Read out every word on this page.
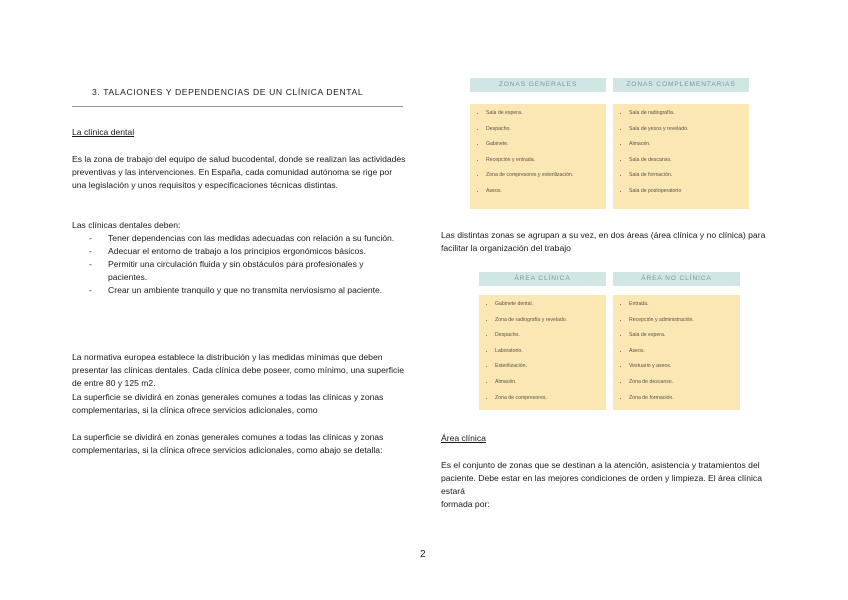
3. TALACIONES Y DEPENDENCIAS DE UN CLÍNICA DENTAL
La clínica dental
Es la zona de trabajo del equipo de salud bucodental, donde se realizan las actividades preventivas y las intervenciones. En España, cada comunidad autónoma se rige por una legislación y unos requisitos y especificaciones técnicas distintas.
Las clínicas dentales deben:
- Tener dependencias con las medidas adecuadas con relación a su función.
- Adecuar el entorno de trabajo a los principios ergonómicos básicos.
- Permitir una circulación fluida y sin obstáculos para profesionales y pacientes.
- Crear un ambiente tranquilo y que no transmita nerviosismo al paciente.
La normativa europea establece la distribución y las medidas mínimas que deben presentar las clínicas dentales. Cada clínica debe poseer, como mínimo, una superficie de entre 80 y 125 m2.
La superficie se dividirá en zonas generales comunes a todas las clínicas y zonas complementarias, si la clínica ofrece servicios adicionales, como
La superficie se dividirá en zonas generales comunes a todas las clínicas y zonas complementarias, si la clínica ofrece servicios adicionales, como abajo se detalla:
ZONAS GENERALES
• Sala de espera.
• Despacho.
• Gabinete.
• Recepción y entrada.
• Zona de compresores y esterilización.
• Aseos.
ZONAS COMPLEMENTARIAS
• Sala de radiografía.
• Sala de yesos y revelado.
• Almacén.
• Sala de descanso.
• Sala de formación.
• Sala de postoperatorio
Las distintas zonas se agrupan a su vez, en dos áreas (área clínica y no clínica) para facilitar la organización del trabajo
ÁREA CLÍNICA
• Gabinete dental.
• Zona de radiografía y revelado.
• Despacho.
• Laboratorio.
• Esterilización.
• Almacén.
• Zona de compresores.
ÁREA NO CLÍNICA
• Entrada.
• Recepción y administración.
• Sala de espera.
• Aseos.
• Vestuario y aseos.
• Zona de descanso.
• Zona de formación.
Área clínica
Es el conjunto de zonas que se destinan a la atención, asistencia y tratamientos del paciente. Debe estar en las mejores condiciones de orden y limpieza. El área clínica estará
formada por:
2
